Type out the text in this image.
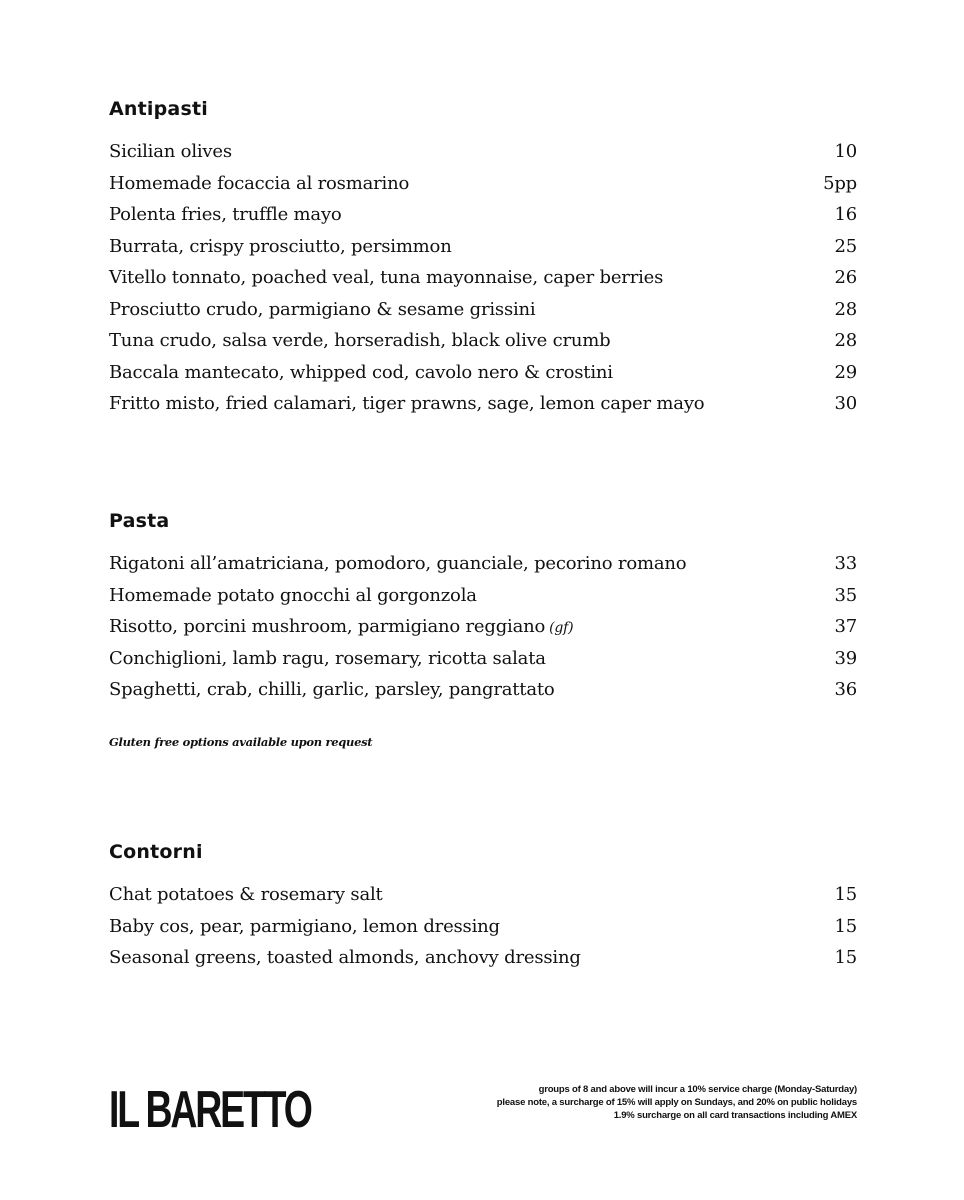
Antipasti
Sicilian olives	10
Homemade focaccia al rosmarino	5pp
Polenta fries, truffle mayo	16
Burrata, crispy prosciutto, persimmon	25
Vitello tonnato, poached veal, tuna mayonnaise, caper berries	26
Prosciutto crudo, parmigiano & sesame grissini	28
Tuna crudo, salsa verde, horseradish, black olive crumb	28
Baccala mantecato, whipped cod, cavolo nero & crostini	29
Fritto misto, fried calamari, tiger prawns, sage, lemon caper mayo	30
Pasta
Rigatoni all’amatriciana, pomodoro, guanciale, pecorino romano	33
Homemade potato gnocchi al gorgonzola	35
Risotto, porcini mushroom, parmigiano reggiano (gf)	37
Conchiglioni, lamb ragu, rosemary, ricotta salata	39
Spaghetti, crab, chilli, garlic, parsley, pangrattato	36
Gluten free options available upon request
Contorni
Chat potatoes & rosemary salt	15
Baby cos, pear, parmigiano, lemon dressing	15
Seasonal greens, toasted almonds, anchovy dressing	15
IL BARETTO	groups of 8 and above will incur a 10% service charge (Monday-Saturday)
please note, a surcharge of 15% will apply on Sundays, and 20% on public holidays
1.9% surcharge on all card transactions including AMEX
